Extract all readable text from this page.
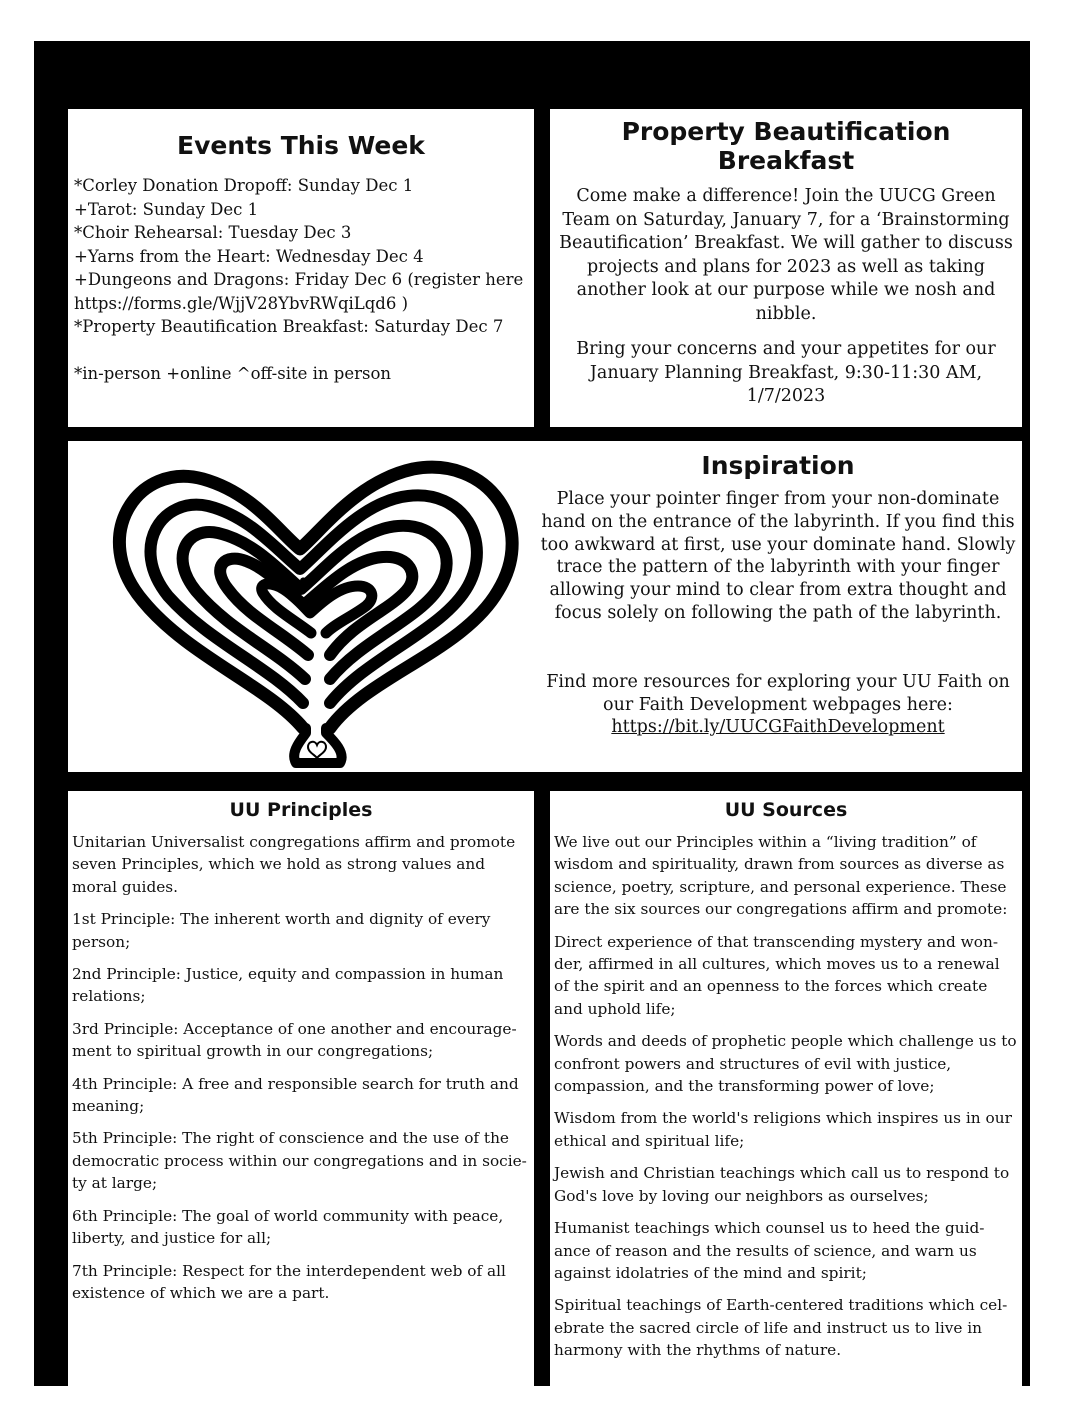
Events This Week
*Corley Donation Dropoff: Sunday Dec 1
+Tarot: Sunday Dec 1
*Choir Rehearsal: Tuesday Dec 3
+Yarns from the Heart: Wednesday Dec 4
+Dungeons and Dragons: Friday Dec 6 (register here
https://forms.gle/WjjV28YbvRWqiLqd6 )
*Property Beautification Breakfast: Saturday Dec 7
*in-person +online ^off-site in person
Property Beautification Breakfast

Come make a difference! Join the UUCG Green Team on Saturday, January 7, for a ‘Brainstorming Beautification’ Breakfast. We will gather to discuss projects and plans for 2023 as well as taking another look at our purpose while we nosh and nibble.

Bring your concerns and your appetites for our January Planning Breakfast, 9:30-11:30 AM, 1/7/2023

Inspiration

Place your pointer finger from your non-dominate hand on the entrance of the labyrinth. If you find this too awkward at first, use your dominate hand. Slowly trace the pattern of the labyrinth with your finger allowing your mind to clear from extra thought and focus solely on following the path of the labyrinth.

Find more resources for exploring your UU Faith on our Faith Development webpages here: https://bit.ly/UUCGFaithDevelopment

UU Principles

Unitarian Universalist congregations affirm and promote seven Principles, which we hold as strong values and moral guides.

1st Principle: The inherent worth and dignity of every person;

2nd Principle: Justice, equity and compassion in human relations;

3rd Principle: Acceptance of one another and encourage-ment to spiritual growth in our congregations;

4th Principle: A free and responsible search for truth and meaning;

5th Principle: The right of conscience and the use of the democratic process within our congregations and in socie-ty at large;

6th Principle: The goal of world community with peace, liberty, and justice for all;

7th Principle: Respect for the interdependent web of all existence of which we are a part.

UU Sources

We live out our Principles within a “living tradition” of wisdom and spirituality, drawn from sources as diverse as science, poetry, scripture, and personal experience. These are the six sources our congregations affirm and promote:

Direct experience of that transcending mystery and won-der, affirmed in all cultures, which moves us to a renewal of the spirit and an openness to the forces which create and uphold life;

Words and deeds of prophetic people which challenge us to confront powers and structures of evil with justice, compassion, and the transforming power of love;

Wisdom from the world's religions which inspires us in our ethical and spiritual life;

Jewish and Christian teachings which call us to respond to God's love by loving our neighbors as ourselves;

Humanist teachings which counsel us to heed the guid-ance of reason and the results of science, and warn us against idolatries of the mind and spirit;

Spiritual teachings of Earth-centered traditions which cel-ebrate the sacred circle of life and instruct us to live in harmony with the rhythms of nature.
